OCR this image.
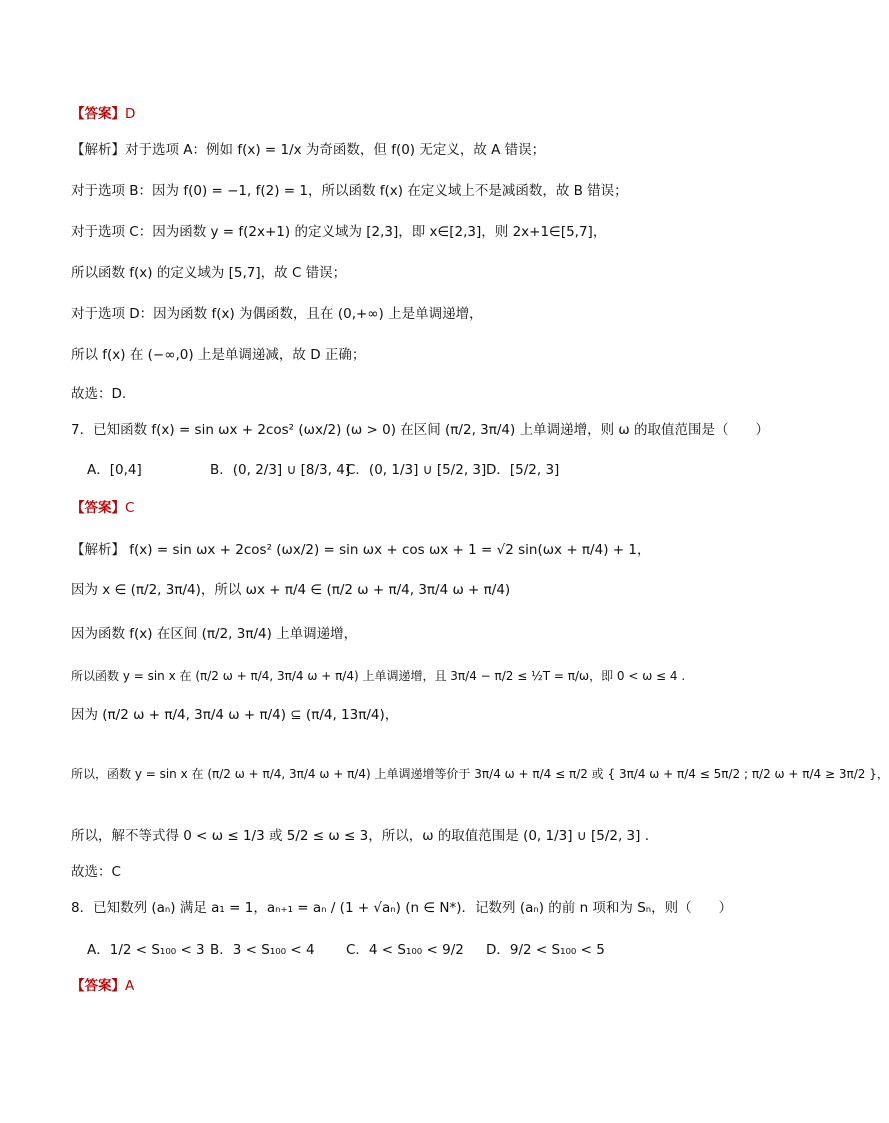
【答案】D
【解析】对于选项 A：例如 f(x) = 1/x 为奇函数，但 f(0) 无定义，故 A 错误；
对于选项 B：因为 f(0) = −1, f(2) = 1，所以函数 f(x) 在定义域上不是减函数，故 B 错误；
对于选项 C：因为函数 y = f(2x+1) 的定义域为 [2,3]，即 x∈[2,3]，则 2x+1∈[5,7]，
所以函数 f(x) 的定义域为 [5,7]，故 C 错误；
对于选项 D：因为函数 f(x) 为偶函数，且在 (0,+∞) 上是单调递增，
所以 f(x) 在 (−∞,0) 上是单调递减，故 D 正确；
故选：D.
7．已知函数 f(x) = sin ωx + 2cos² (ωx/2) (ω > 0) 在区间 (π/2, 3π/4) 上单调递增，则 ω 的取值范围是（　　）
A．[0,4]	B．(0, 2/3] ∪ [8/3, 4]
C．(0, 1/3] ∪ [5/2, 3] D．[5/2, 3]
【答案】C
【解析】 f(x) = sin ωx + 2cos² (ωx/2) = sin ωx + cos ωx + 1 = √2 sin(ωx + π/4) + 1，
因为 x ∈ (π/2, 3π/4)，所以 ωx + π/4 ∈ (π/2 ω + π/4, 3π/4 ω + π/4)
因为函数 f(x) 在区间 (π/2, 3π/4) 上单调递增，
所以函数 y = sin x 在 (π/2 ω + π/4, 3π/4 ω + π/4) 上单调递增，且 3π/4 − π/2 ≤ ½T = π/ω，即 0 < ω ≤ 4 .
因为 (π/2 ω + π/4, 3π/4 ω + π/4) ⊆ (π/4, 13π/4)，
所以，函数 y = sin x 在 (π/2 ω + π/4, 3π/4 ω + π/4) 上单调递增等价于 3π/4 ω + π/4 ≤ π/2 或 { 3π/4 ω + π/4 ≤ 5π/2 ; π/2 ω + π/4 ≥ 3π/2 }，
所以，解不等式得 0 < ω ≤ 1/3 或 5/2 ≤ ω ≤ 3，所以，ω 的取值范围是 (0, 1/3] ∪ [5/2, 3] .
故选：C
8．已知数列 (aₙ) 满足 a₁ = 1，aₙ₊₁ = aₙ / (1 + √aₙ) (n ∈ N*)．记数列 (aₙ) 的前 n 项和为 Sₙ，则（　　）
A．1/2 < S₁₀₀ < 3 B．3 < S₁₀₀ < 4 C．4 < S₁₀₀ < 9/2 D．9/2 < S₁₀₀ < 5
【答案】A
